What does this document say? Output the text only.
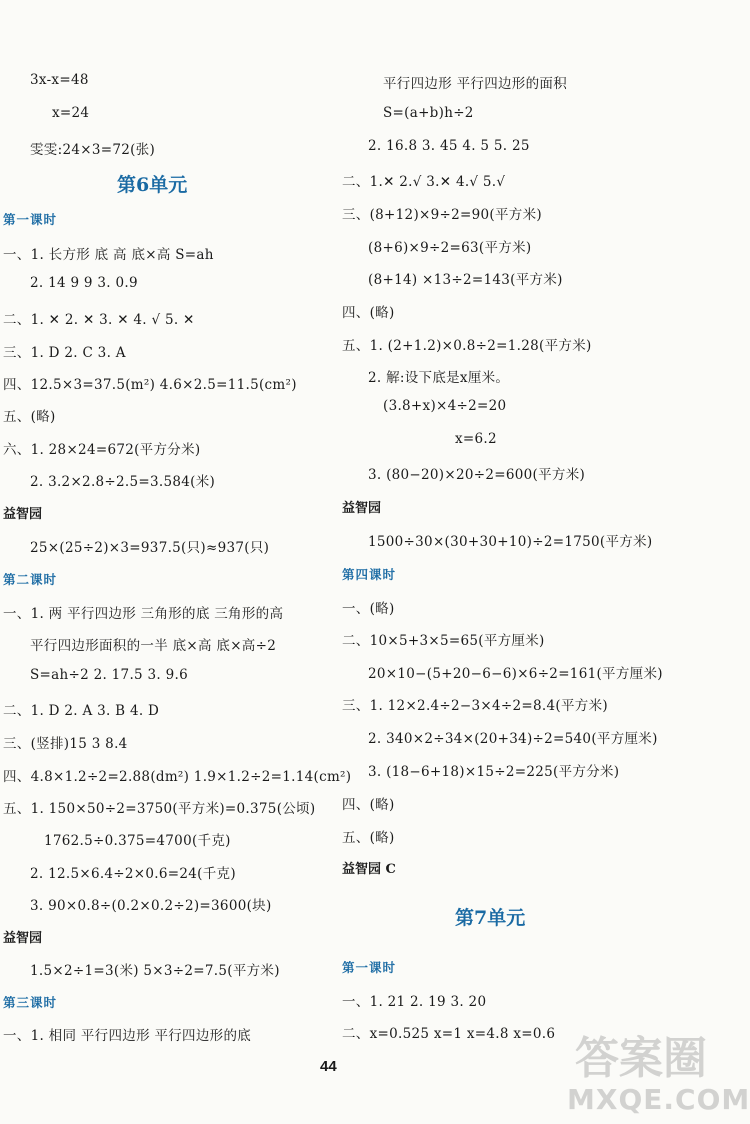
3x-x=48
x=24
雯雯:24×3=72(张)
第6单元
第一课时
一、1. 长方形 底 高 底×高 S=ah
2. 14 9 9 3. 0.9
二、1. ✕ 2. ✕ 3. ✕ 4. √ 5. ✕
三、1. D 2. C 3. A
四、12.5×3=37.5(m²) 4.6×2.5=11.5(cm²)
五、(略)
六、1. 28×24=672(平方分米)
2. 3.2×2.8÷2.5=3.584(米)
益智园
25×(25÷2)×3=937.5(只)≈937(只)
第二课时
一、1. 两 平行四边形 三角形的底 三角形的高
平行四边形面积的一半 底×高 底×高÷2
S=ah÷2 2. 17.5 3. 9.6
二、1. D 2. A 3. B 4. D
三、(竖排)15 3 8.4
四、4.8×1.2÷2=2.88(dm²) 1.9×1.2÷2=1.14(cm²)
五、1. 150×50÷2=3750(平方米)=0.375(公顷)
1762.5÷0.375=4700(千克)
2. 12.5×6.4÷2×0.6=24(千克)
3. 90×0.8÷(0.2×0.2÷2)=3600(块)
益智园
1.5×2÷1=3(米) 5×3÷2=7.5(平方米)
第三课时
一、1. 相同 平行四边形 平行四边形的底
平行四边形 平行四边形的面积
S=(a+b)h÷2
2. 16.8 3. 45 4. 5 5. 25
二、1.✕ 2.√ 3.✕ 4.√ 5.√
三、(8+12)×9÷2=90(平方米)
(8+6)×9÷2=63(平方米)
(8+14) ×13÷2=143(平方米)
四、(略)
五、1. (2+1.2)×0.8÷2=1.28(平方米)
2. 解:设下底是x厘米。
(3.8+x)×4÷2=20
x=6.2
3. (80−20)×20÷2=600(平方米)
益智园
1500÷30×(30+30+10)÷2=1750(平方米)
第四课时
一、(略)
二、10×5+3×5=65(平方厘米)
20×10−(5+20−6−6)×6÷2=161(平方厘米)
三、1. 12×2.4÷2−3×4÷2=8.4(平方米)
2. 340×2÷34×(20+34)÷2=540(平方厘米)
3. (18−6+18)×15÷2=225(平方分米)
四、(略)
五、(略)
益智园 C
第7单元
第一课时
一、1. 21 2. 19 3. 20
二、x=0.525 x=1 x=4.8 x=0.6
44	答案圈
MXQE.COM
